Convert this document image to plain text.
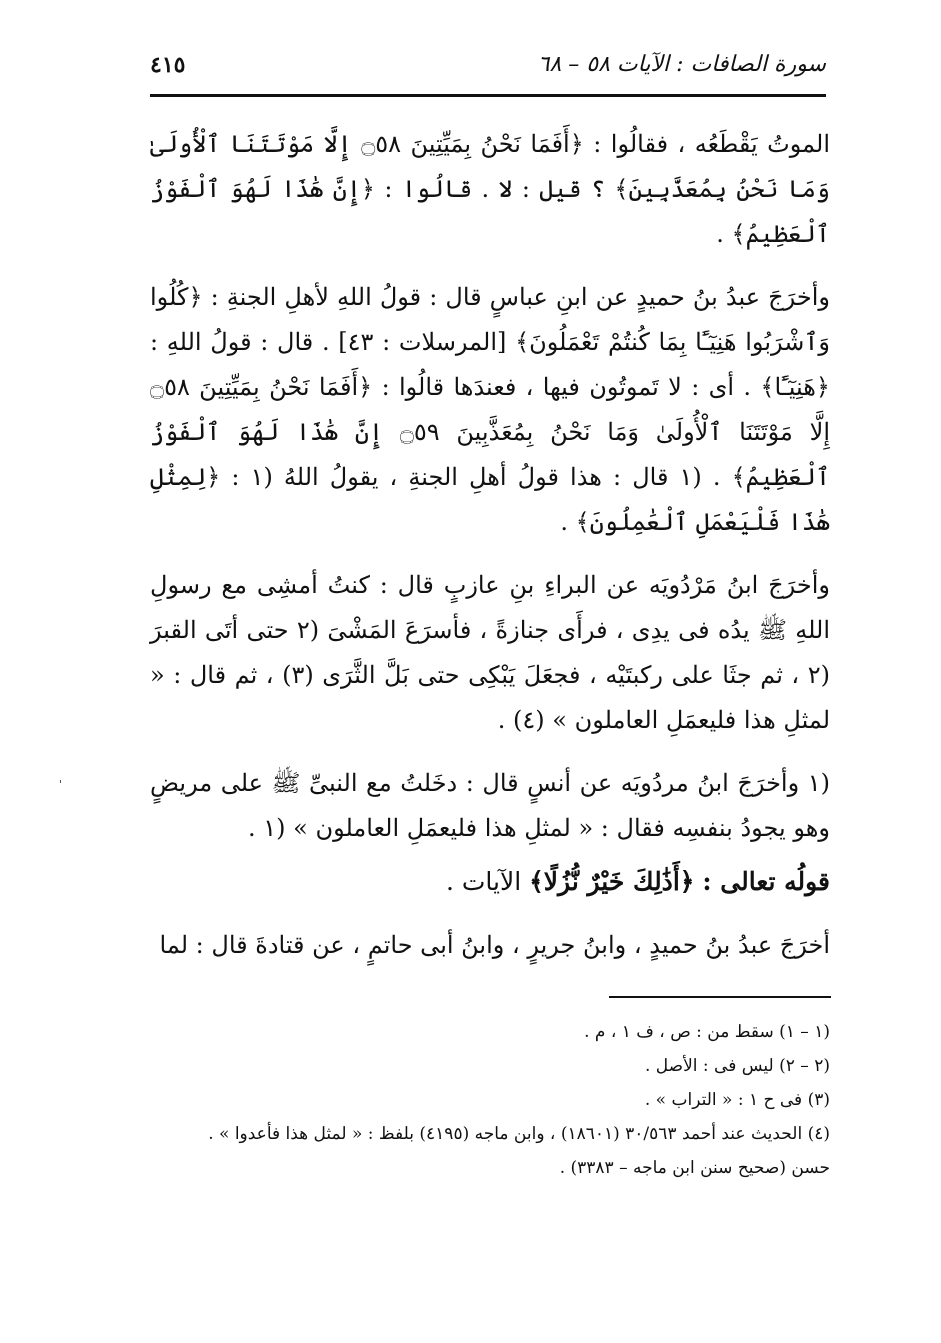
٤١٥	سورة الصافات : الآيات ٥٨ – ٦٨

الموتُ يَقْطَعُه ، فقالُوا : ﴿أَفَمَا نَحْنُ بِمَيِّتِينَ ۝٥٨ إِلَّا مَوْتَتَنَا ٱلْأُولَىٰ وَمَا نَحْنُ بِمُعَذَّبِينَ﴾ ؟ قيل : لا . قالُوا : ﴿إِنَّ هَٰذَا لَهُوَ ٱلْفَوْزُ ٱلْعَظِيمُ﴾ .

وأخرَجَ عبدُ بنُ حميدٍ عن ابنِ عباسٍ قال : قولُ اللهِ لأهلِ الجنةِ : ﴿كُلُوا وَٱشْرَبُوا هَنِيٓـًٔا بِمَا كُنتُمْ تَعْمَلُونَ﴾ [المرسلات : ٤٣] . قال : قولُ اللهِ : ﴿هَنِيٓـًٔا﴾ . أى : لا تَموتُون فيها ، فعندَها قالُوا : ﴿أَفَمَا نَحْنُ بِمَيِّتِينَ ۝٥٨ إِلَّا مَوْتَتَنَا ٱلْأُولَىٰ وَمَا نَحْنُ بِمُعَذَّبِينَ ۝٥٩ إِنَّ هَٰذَا لَهُوَ ٱلْفَوْزُ ٱلْعَظِيمُ﴾ . (١ قال : هذا قولُ أهلِ الجنةِ ، يقولُ اللهُ (١ : ﴿لِمِثْلِ هَٰذَا فَلْيَعْمَلِ ٱلْعَٰمِلُونَ﴾ .

وأخرَجَ ابنُ مَرْدُويَه عن البراءِ بنِ عازبٍ قال : كنتُ أمشِى مع رسولِ اللهِ ﷺ يدُه فى يدِى ، فرأَى جنازةً ، فأسرَعَ المَشْىَ (٢ حتى أتَى القبرَ (٢ ، ثم جثَا على ركبتَيْه ، فجعَلَ يَبْكِى حتى بَلَّ الثَّرَى (٣) ، ثم قال : « لمثلِ هذا فليعمَلِ العاملون » (٤) .

(١ وأخرَجَ ابنُ مردُويَه عن أنسٍ قال : دخَلتُ مع النبىِّ ﷺ على مريضٍ وهو يجودُ بنفسِه فقال : « لمثلِ هذا فليعمَلِ العاملون » (١ .

قولُه تعالى : ﴿أَذَٰلِكَ خَيْرٌ نُّزُلًا﴾ الآيات .

أخرَجَ عبدُ بنُ حميدٍ ، وابنُ جريرٍ ، وابنُ أبى حاتمٍ ، عن قتادةَ قال : لما

(١ – ١) سقط من : ص ، ف ١ ، م .

(٢ – ٢) ليس فى : الأصل .

(٣) فى ح ١ : « التراب » .

(٤) الحديث عند أحمد ٣٠/٥٦٣ (١٨٦٠١) ، وابن ماجه (٤١٩٥) بلفظ : « لمثل هذا فأعدوا » .

حسن (صحيح سنن ابن ماجه – ٣٣٨٣) .
